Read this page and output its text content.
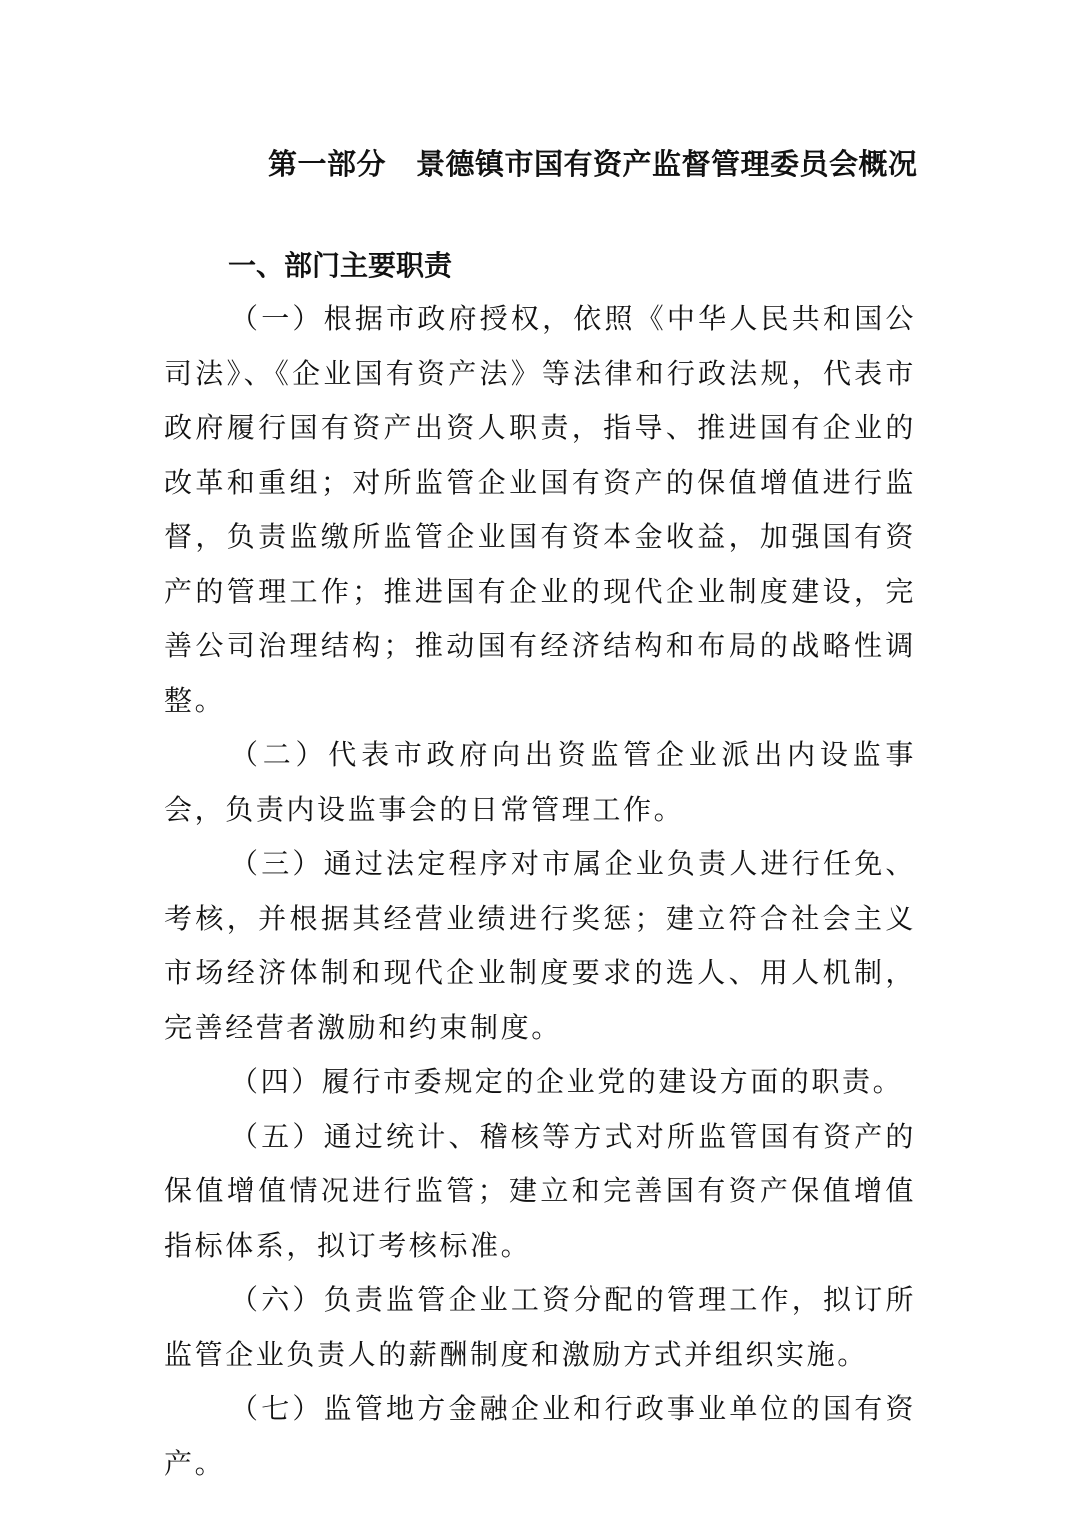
第一部分 景德镇市国有资产监督管理委员会概况
一、部门主要职责

（一）根据市政府授权，依照《中华人民共和国公司法》、《企业国有资产法》等法律和行政法规，代表市政府履行国有资产出资人职责，指导、推进国有企业的改革和重组；对所监管企业国有资产的保值增值进行监督，负责监缴所监管企业国有资本金收益，加强国有资产的管理工作；推进国有企业的现代企业制度建设，完善公司治理结构；推动国有经济结构和布局的战略性调整。

（二）代表市政府向出资监管企业派出内设监事会，负责内设监事会的日常管理工作。

（三）通过法定程序对市属企业负责人进行任免、考核，并根据其经营业绩进行奖惩；建立符合社会主义市场经济体制和现代企业制度要求的选人、用人机制，完善经营者激励和约束制度。

（四）履行市委规定的企业党的建设方面的职责。

（五）通过统计、稽核等方式对所监管国有资产的保值增值情况进行监管；建立和完善国有资产保值增值指标体系，拟订考核标准。

（六）负责监管企业工资分配的管理工作，拟订所监管企业负责人的薪酬制度和激励方式并组织实施。

（七）监管地方金融企业和行政事业单位的国有资产。
